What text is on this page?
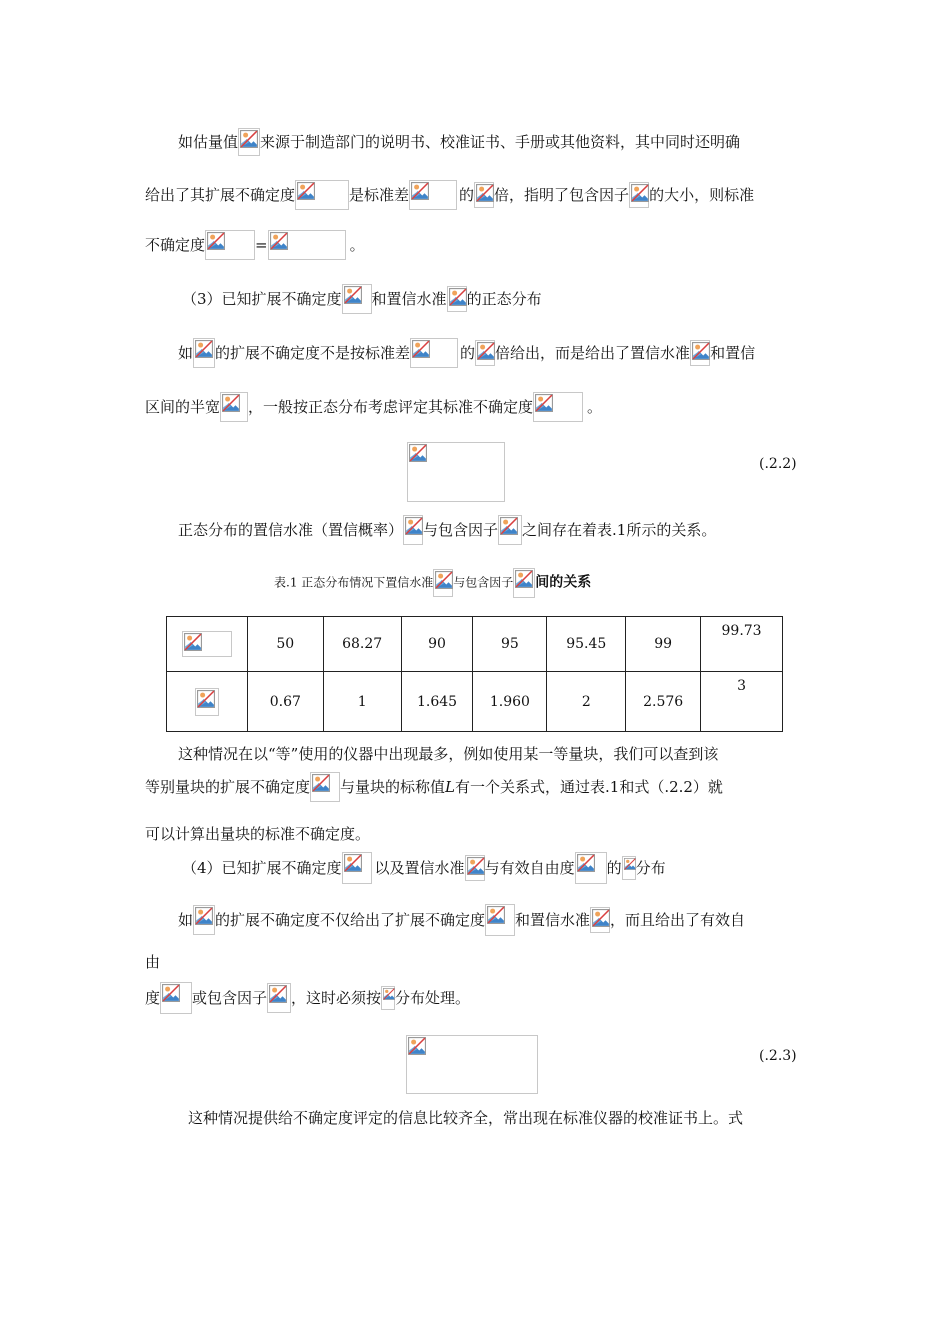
如估量值 来源于制造部门的说明书、校准证书、手册或其他资料，其中同时还明确
给出了其扩展不确定度	是标准差	的 倍，指明了包含因子 的大小，则标准
不确定度	=	。
（3）已知扩展不确定度 和置信水准 的正态分布
如 的扩展不确定度不是按标准差	的 倍给出，而是给出了置信水准 和置信
区间的半宽 ，一般按正态分布考虑评定其标准不确定度	。
(.2.2)
正态分布的置信水准（置信概率） 与包含因子 之间存在着表.1所示的关系。
表.1 正态分布情况下置信水准 与包含因子 间的关系
	50	68.27	90	95	95.45	99	99.73

	0.67	1	1.645	1.960	2	2.576	3
这种情况在以“等”使用的仪器中出现最多，例如使用某一等量块，我们可以查到该
等别量块的扩展不确定度 与量块的标称值L有一个关系式，通过表.1和式（.2.2）就
可以计算出量块的标准不确定度。
（4）已知扩展不确定度 以及置信水准 与有效自由度 的 分布
如 的扩展不确定度不仅给出了扩展不确定度 和置信水准 ，而且给出了有效自
由
度 或包含因子 ，这时必须按 分布处理。
(.2.3)
这种情况提供给不确定度评定的信息比较齐全，常出现在标准仪器的校准证书上。式
